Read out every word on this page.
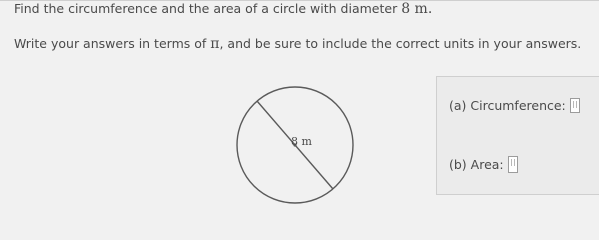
Find the circumference and the area of a circle with diameter 8 m.
Write your answers in terms of π, and be sure to include the correct units in your answers.
8 m
(a) Circumference:
(b) Area:
